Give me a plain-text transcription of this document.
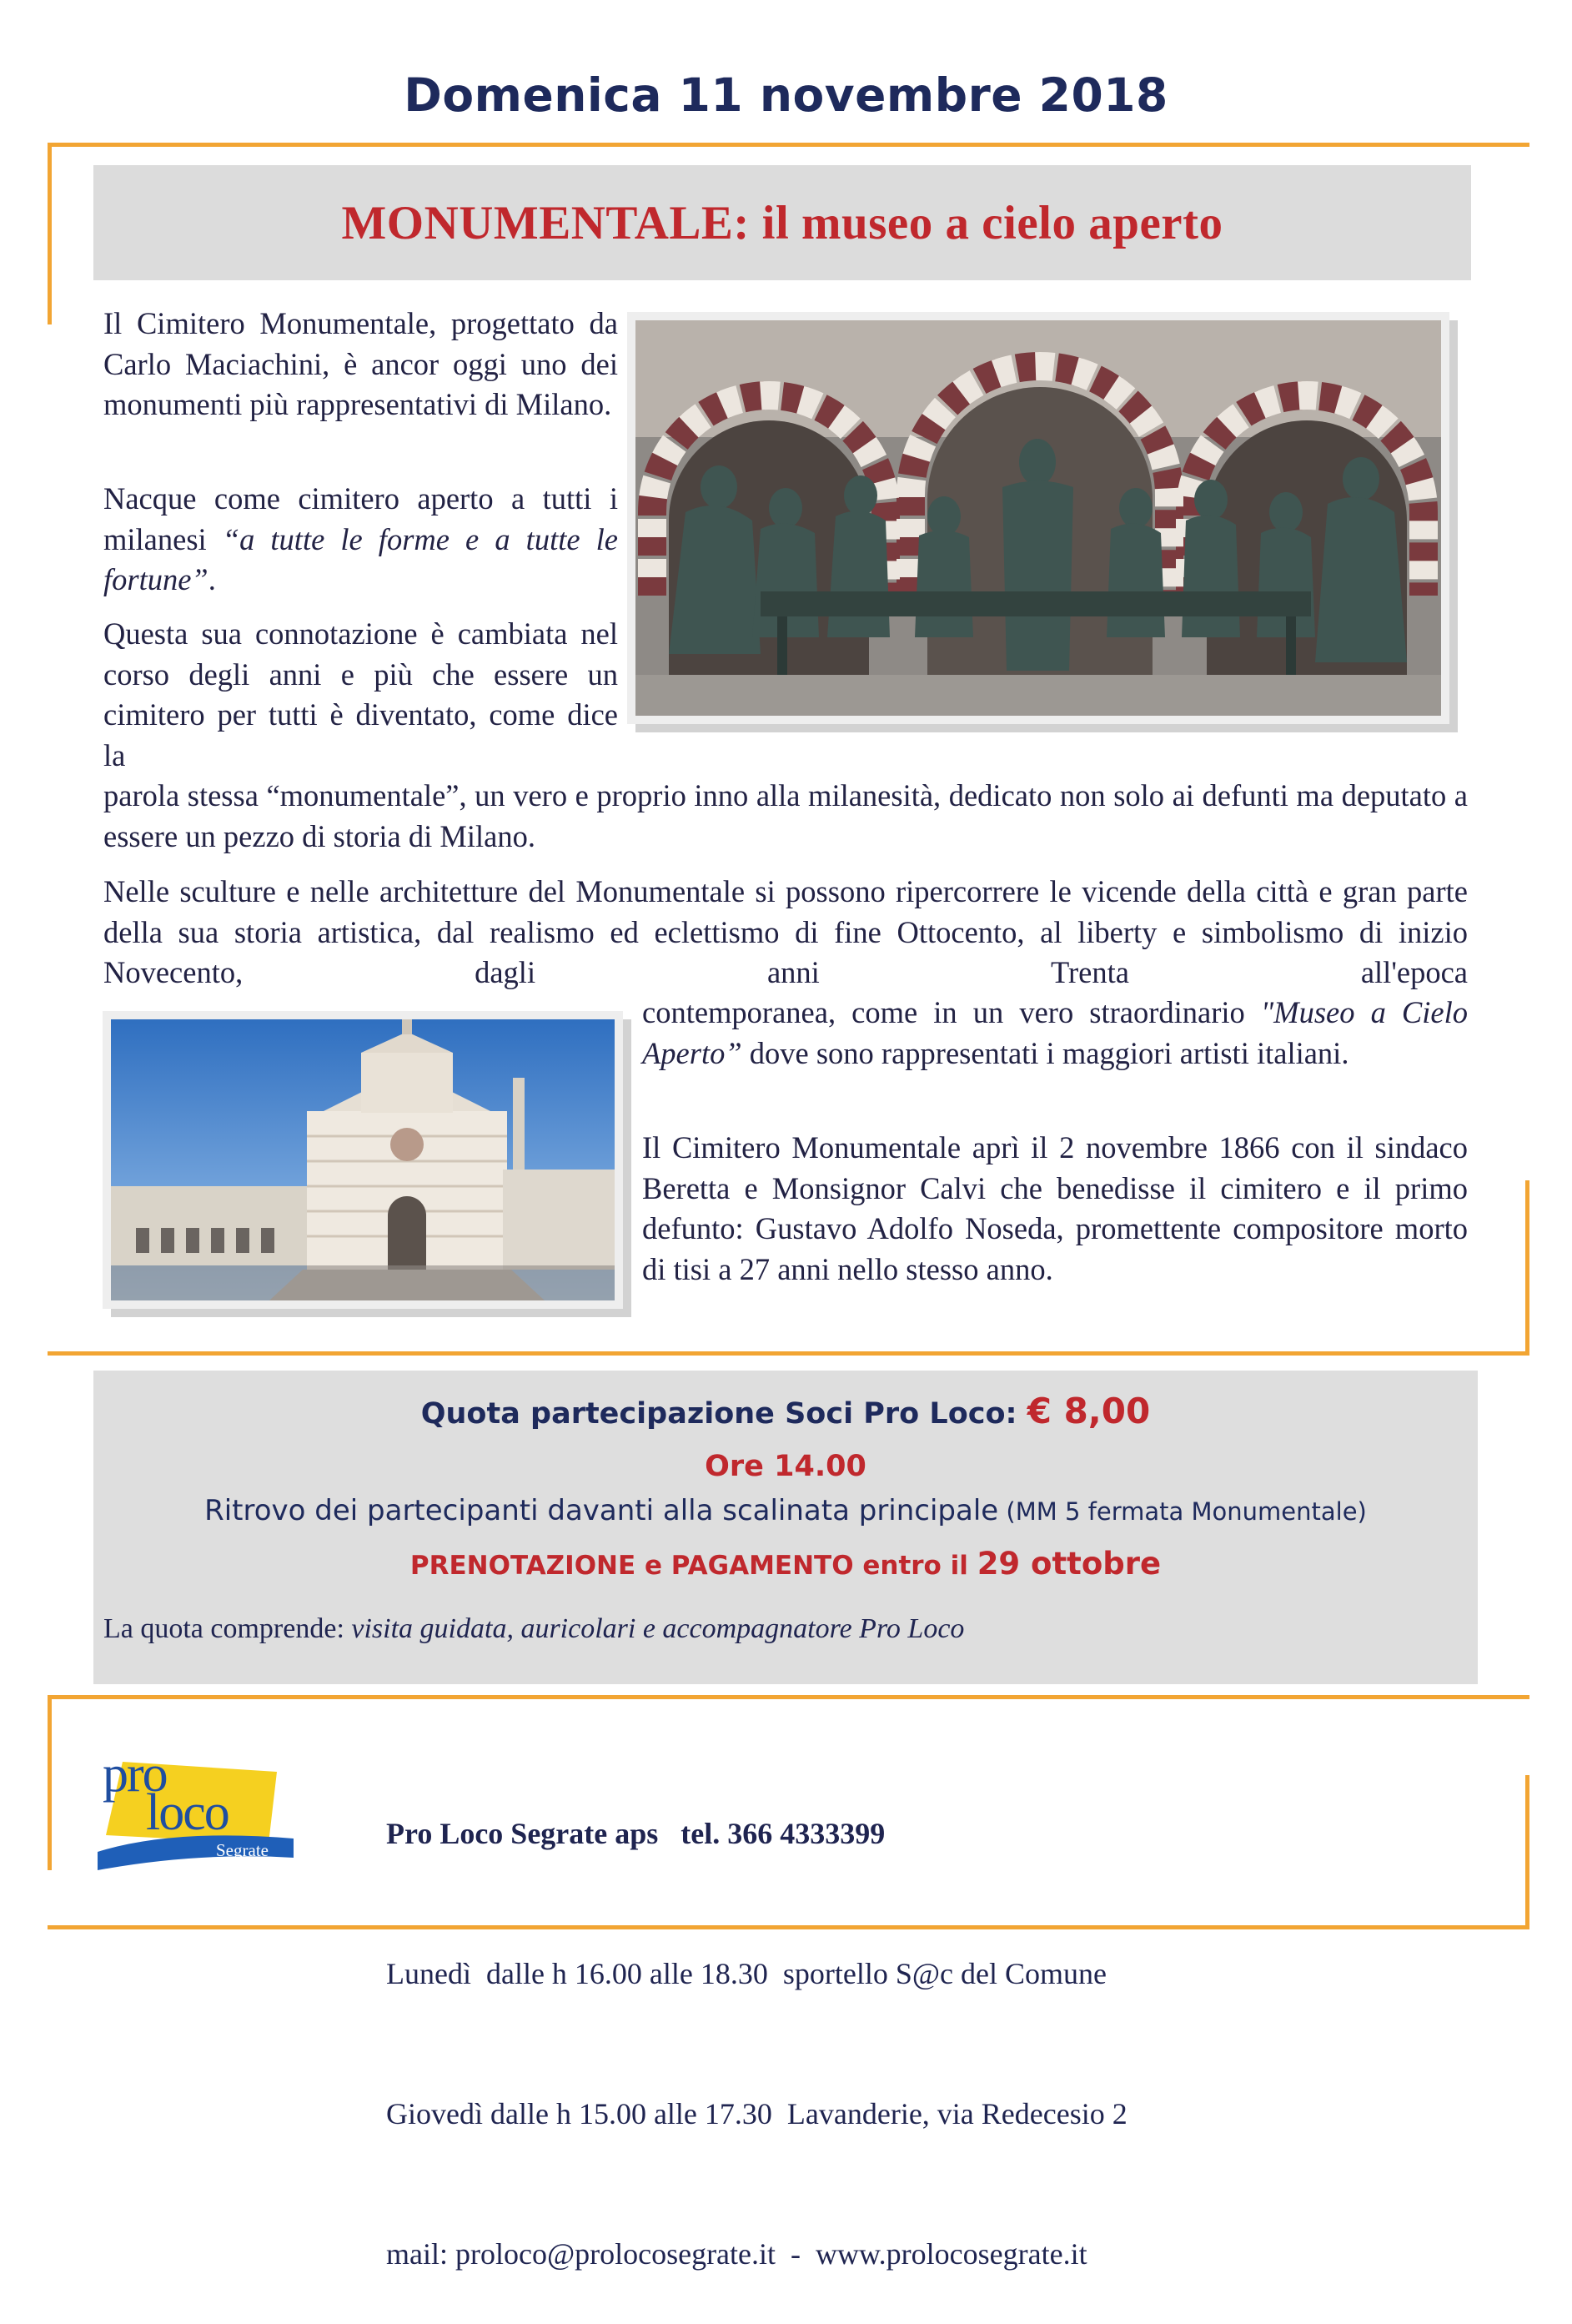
Domenica 11 novembre 2018
MONUMENTALE: il museo a cielo aperto

Il Cimitero Monumentale, progettato da Carlo Maciachini, è ancor oggi uno dei monumenti più rappresentativi di Milano.

Nacque come cimitero aperto a tutti i milanesi “a tutte le forme e a tutte le fortune”.

Questa sua connotazione è cambiata nel corso degli anni e più che essere un cimitero per tutti è diventato, come dice la

parola stessa “monumentale”, un vero e proprio inno alla milanesità, dedicato non solo ai defunti ma deputato a essere un pezzo di storia di Milano.

Nelle sculture e nelle architetture del Monumentale si possono ripercorrere le vicende della città e gran parte della sua storia artistica, dal realismo ed eclettismo di fine Ottocento, al liberty e simbolismo di inizio Novecento, dagli anni Trenta all'epoca

contemporanea, come in un vero straordinario "Museo a Cielo Aperto” dove sono rappresentati i maggiori artisti italiani.

Il Cimitero Monumentale aprì il 2 novembre 1866 con il sindaco Beretta e Monsignor Calvi che benedisse il cimitero e il primo defunto: Gustavo Adolfo Noseda, promettente compositore morto di tisi a 27 anni nello stesso anno.

Quota partecipazione Soci Pro Loco: € 8,00
Ore 14.00
Ritrovo dei partecipanti davanti alla scalinata principale (MM 5 fermata Monumentale)
PRENOTAZIONE e PAGAMENTO entro il 29 ottobre
La quota comprende: visita guidata, auricolari e accompagnatore Pro Loco
pro
loco
Segrate

	Pro Loco Segrate aps   tel. 366 4333399

Lunedì  dalle h 16.00 alle 18.30  sportello S@c del Comune

Giovedì dalle h 15.00 alle 17.30  Lavanderie, via Redecesio 2

mail: proloco@prolocosegrate.it  -  www.prolocosegrate.it
